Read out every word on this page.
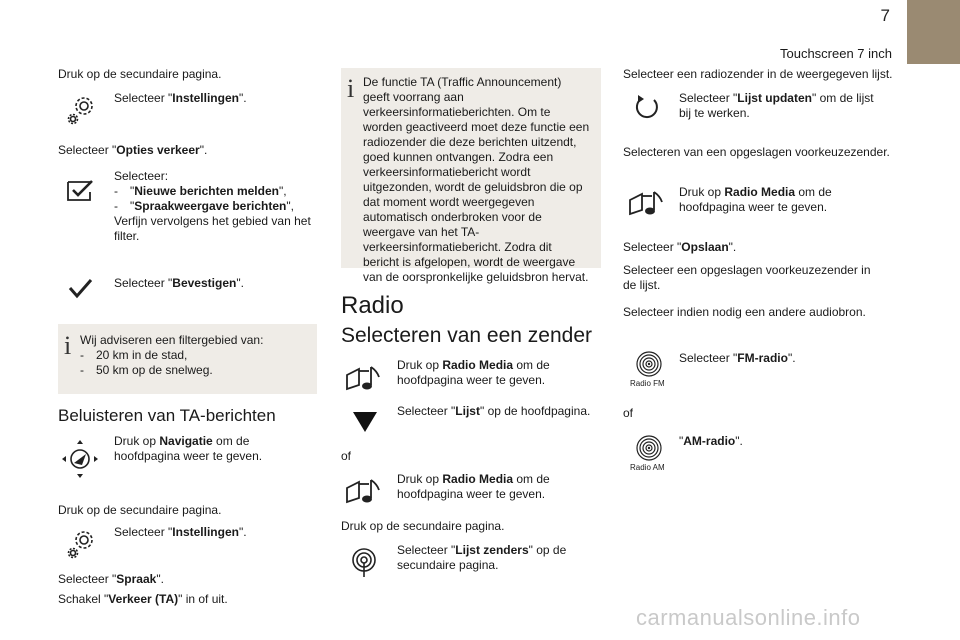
7
Touchscreen 7 inch
Druk op de secundaire pagina.
Selecteer "Instellingen".
Selecteer "Opties verkeer".
Selecteer:
- "Nieuwe berichten melden",
- "Spraakweergave berichten",
Verfijn vervolgens het gebied van het filter.
Selecteer "Bevestigen".
i Wij adviseren een filtergebied van:
- 20 km in de stad,
- 50 km op de snelweg.
Beluisteren van TA-berichten
Druk op Navigatie om de hoofdpagina weer te geven.
Druk op de secundaire pagina.
Selecteer "Instellingen".
Selecteer "Spraak".
Schakel "Verkeer (TA)" in of uit.
i De functie TA (Traffic Announcement) geeft voorrang aan verkeersinformatieberichten. Om te worden geactiveerd moet deze functie een radiozender die deze berichten uitzendt, goed kunnen ontvangen. Zodra een verkeersinformatiebericht wordt uitgezonden, wordt de geluidsbron die op dat moment wordt weergegeven automatisch onderbroken voor de weergave van het TA-verkeersinformatiebericht. Zodra dit bericht is afgelopen, wordt de weergave van de oorspronkelijke geluidsbron hervat.
Radio
Selecteren van een zender
Druk op Radio Media om de hoofdpagina weer te geven.
Selecteer "Lijst" op de hoofdpagina.
of
Druk op Radio Media om de hoofdpagina weer te geven.
Druk op de secundaire pagina.
Selecteer "Lijst zenders" op de secundaire pagina.
Selecteer een radiozender in de weergegeven lijst.
Selecteer "Lijst updaten" om de lijst bij te werken.
Selecteren van een opgeslagen voorkeuzezender.
Druk op Radio Media om de hoofdpagina weer te geven.
Selecteer "Opslaan".
Selecteer een opgeslagen voorkeuzezender in de lijst.
Selecteer indien nodig een andere audiobron.
Radio FM
Selecteer "FM-radio".
of
Radio AM
"AM-radio".
carmanualsonline.info
